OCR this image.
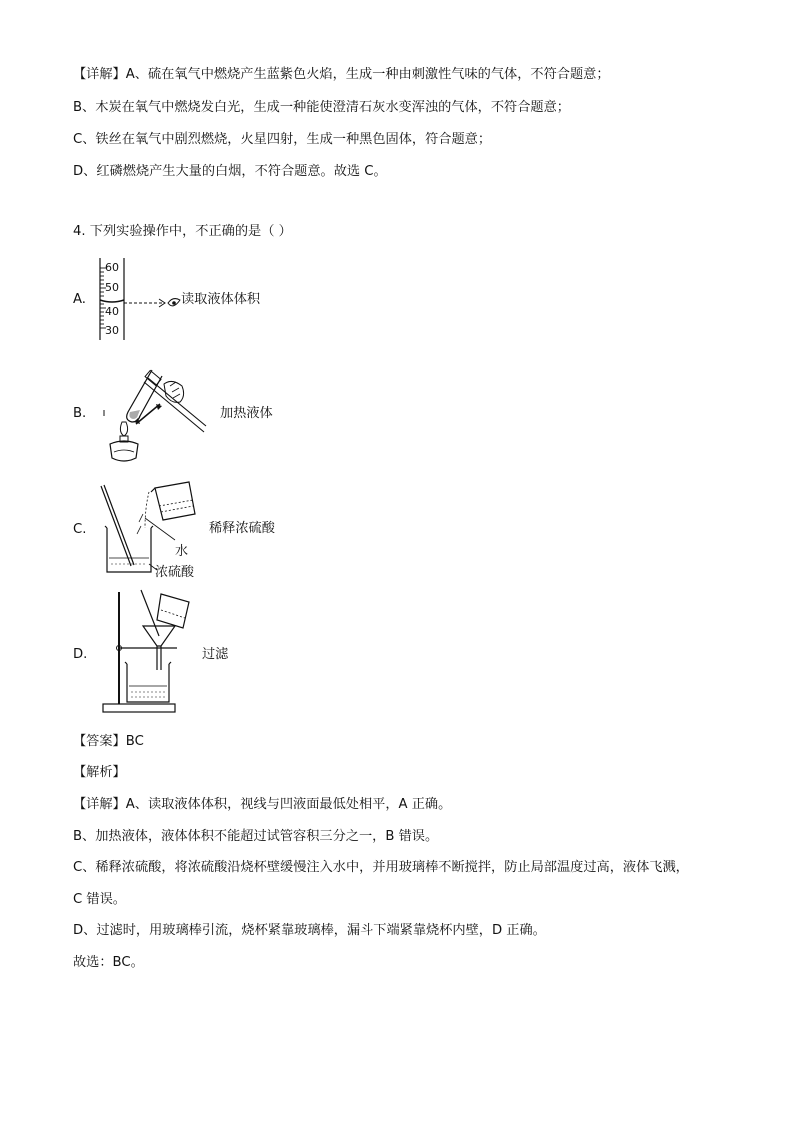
【详解】A、硫在氧气中燃烧产生蓝紫色火焰，生成一种由刺激性气味的气体，不符合题意；
B、木炭在氧气中燃烧发白光，生成一种能使澄清石灰水变浑浊的气体，不符合题意；
C、铁丝在氧气中剧烈燃烧，火星四射，生成一种黑色固体，符合题意；
D、红磷燃烧产生大量的白烟，不符合题意。故选 C。
4. 下列实验操作中，不正确的是（ ）
A.
60
50
40
30
读取液体体积
B.	加热液体
C.
水
浓硫酸
稀释浓硫酸
D.	过滤
【答案】BC
【解析】
【详解】A、读取液体体积，视线与凹液面最低处相平，A 正确。
B、加热液体，液体体积不能超过试管容积三分之一，B 错误。
C、稀释浓硫酸，将浓硫酸沿烧杯壁缓慢注入水中，并用玻璃棒不断搅拌，防止局部温度过高，液体飞溅，
C 错误。
D、过滤时，用玻璃棒引流，烧杯紧靠玻璃棒，漏斗下端紧靠烧杯内壁，D 正确。
故选：BC。
